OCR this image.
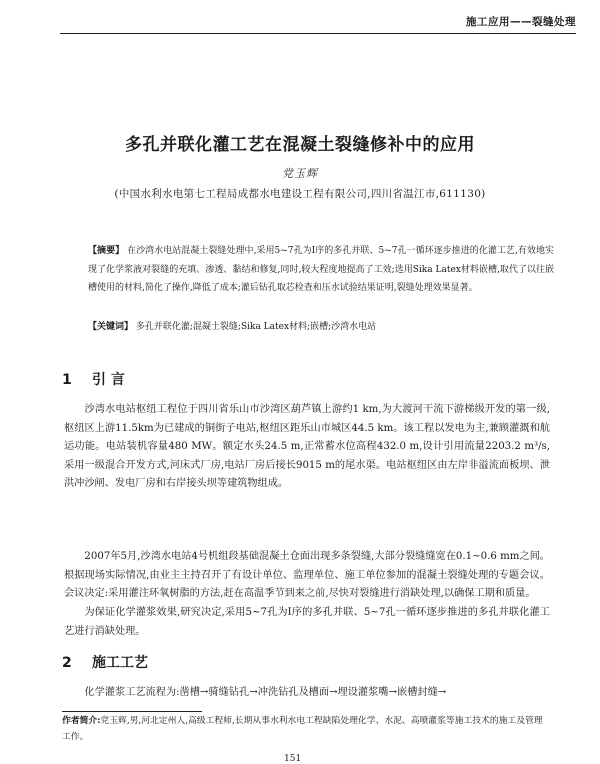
施工应用——裂缝处理
多孔并联化灌工艺在混凝土裂缝修补中的应用
党玉辉
(中国水利水电第七工程局成都水电建设工程有限公司,四川省温江市,611130)
【摘要】 在沙湾水电站混凝土裂缝处理中,采用5~7孔为Ⅰ序的多孔并联、5~7孔一循环逐步推进的化灌工艺,有效地实现了化学浆液对裂缝的充填、渗透、黏结和修复,同时,较大程度地提高了工效;选用Sika Latex材料嵌槽,取代了以往嵌槽使用的材料,简化了操作,降低了成本;灌后钻孔取芯检查和压水试验结果证明,裂缝处理效果显著。
【关键词】 多孔并联化灌;混凝土裂缝;Sika Latex材料;嵌槽;沙湾水电站
1 引 言

沙湾水电站枢纽工程位于四川省乐山市沙湾区葫芦镇上游约1 km,为大渡河干流下游梯级开发的第一级,枢纽区上游11.5km为已建成的铜街子电站,枢纽区距乐山市城区44.5 km。该工程以发电为主,兼顾灌溉和航运功能。电站装机容量480 MW。额定水头24.5 m,正常蓄水位高程432.0 m,设计引用流量2203.2 m³/s,采用一级混合开发方式,河床式厂房,电站厂房后接长9015 m的尾水渠。电站枢纽区由左岸非溢流面板坝、泄洪冲沙闸、发电厂房和右岸接头坝等建筑物组成。

2007年5月,沙湾水电站4号机组段基础混凝土仓面出现多条裂缝,大部分裂缝缝宽在0.1~0.6 mm之间。根据现场实际情况,由业主主持召开了有设计单位、监理单位、施工单位参加的混凝土裂缝处理的专题会议。会议决定:采用灌注环氧树脂的方法,赶在高温季节到来之前,尽快对裂缝进行消缺处理,以确保工期和质量。

为保证化学灌浆效果,研究决定,采用5~7孔为Ⅰ序的多孔并联、5~7孔一循环逐步推进的多孔并联化灌工艺进行消缺处理。

2 施工工艺
化学灌浆工艺流程为:凿槽→骑缝钻孔→冲洗钻孔及槽面→埋设灌浆嘴→嵌槽封缝→
作者简介:党玉辉,男,河北定州人,高级工程师,长期从事水利水电工程缺陷处理化学、水泥、高喷灌浆等施工技术的施工及管理工作。
151
